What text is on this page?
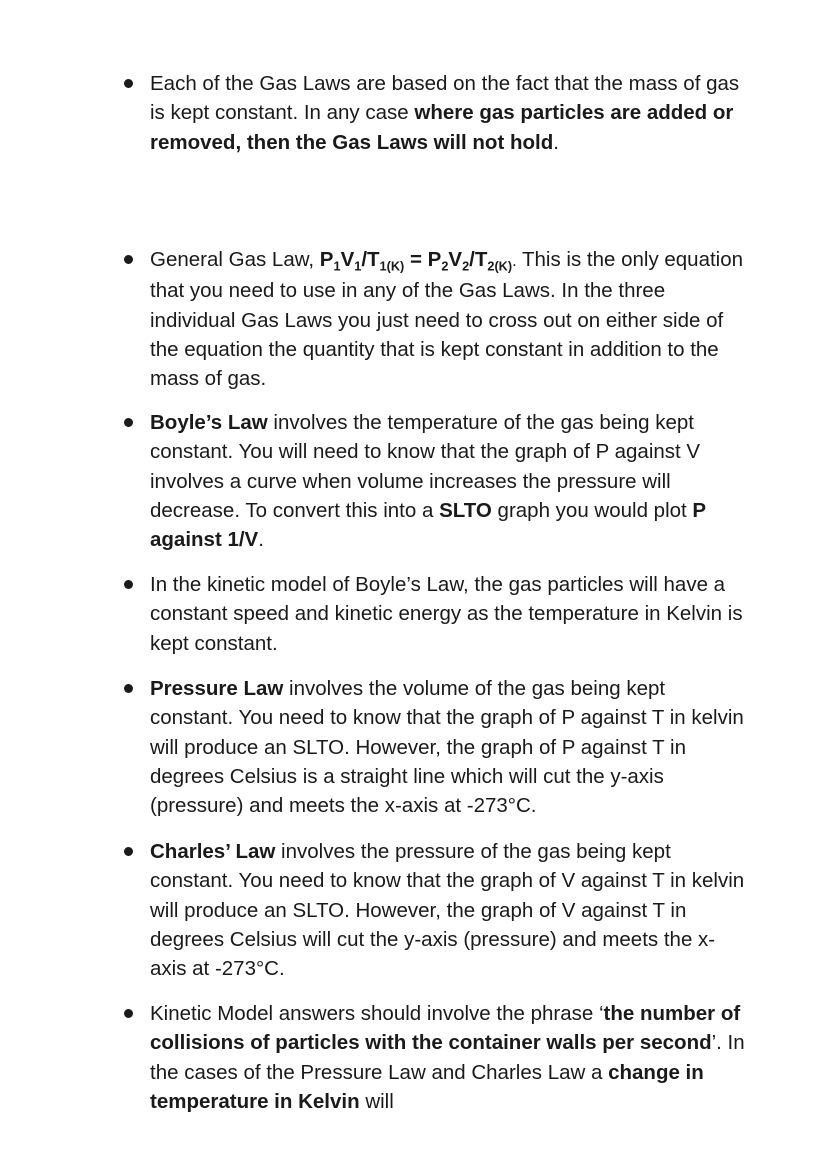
Each of the Gas Laws are based on the fact that the mass of gas is kept constant. In any case where gas particles are added or removed, then the Gas Laws will not hold.
General Gas Law, $P_1V_1/T_{1(K)} = P_2V_2/T_{2(K)}$. This is the only equation that you need to use in any of the Gas Laws. In the three individual Gas Laws you just need to cross out on either side of the equation the quantity that is kept constant in addition to the mass of gas.
Boyle’s Law involves the temperature of the gas being kept constant. You will need to know that the graph of P against V involves a curve when volume increases the pressure will decrease. To convert this into a SLTO graph you would plot P against 1/V.
In the kinetic model of Boyle’s Law, the gas particles will have a constant speed and kinetic energy as the temperature in Kelvin is kept constant.
Pressure Law involves the volume of the gas being kept constant. You need to know that the graph of P against T in kelvin will produce an SLTO. However, the graph of P against T in degrees Celsius is a straight line which will cut the y-axis (pressure) and meets the x-axis at -273°C.
Charles’ Law involves the pressure of the gas being kept constant. You need to know that the graph of V against T in kelvin will produce an SLTO. However, the graph of V against T in degrees Celsius will cut the y-axis (pressure) and meets the x-axis at -273°C.
Kinetic Model answers should involve the phrase ‘the number of collisions of particles with the container walls per second’. In the cases of the Pressure Law and Charles Law a change in temperature in Kelvin will
